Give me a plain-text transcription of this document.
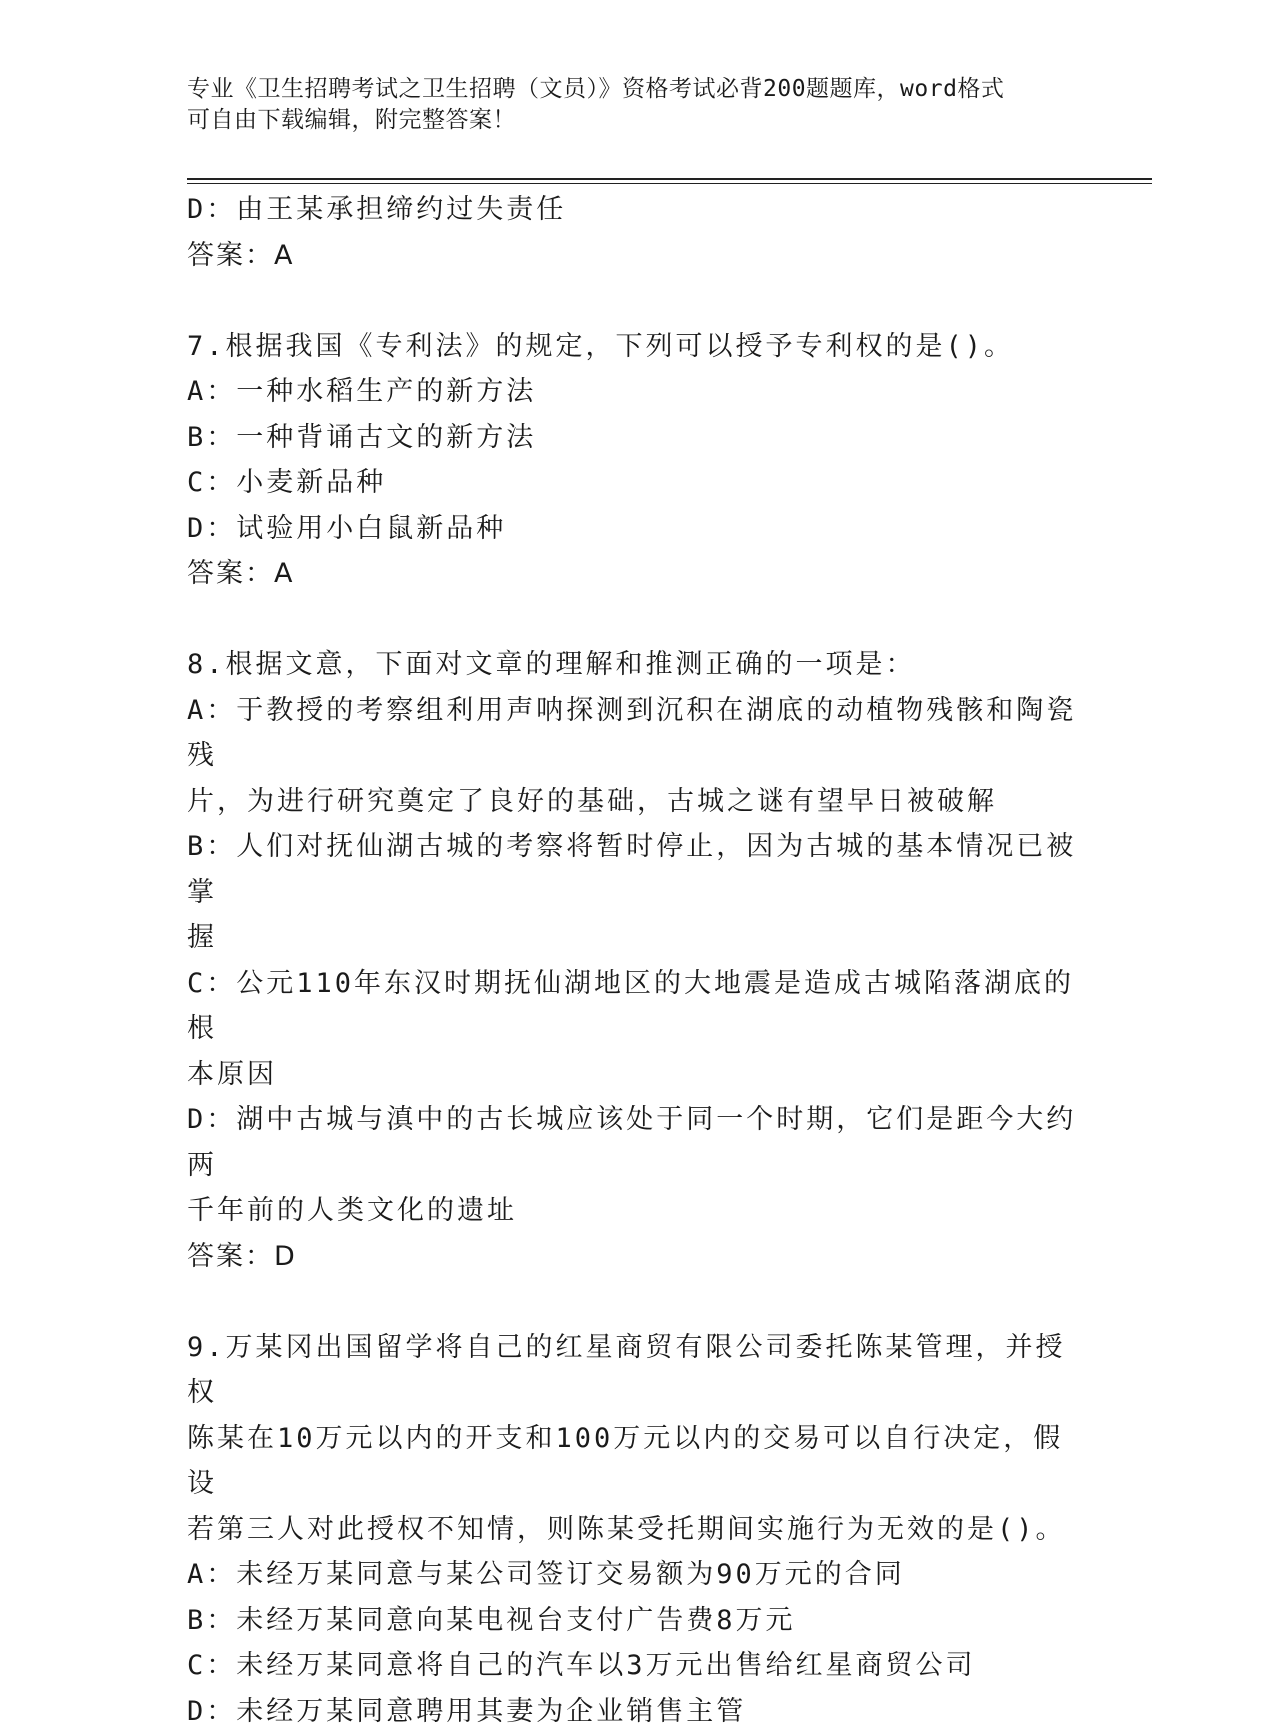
专业《卫生招聘考试之卫生招聘（文员）》资格考试必背200题题库，word格式
可自由下载编辑，附完整答案！

D：由王某承担缔约过失责任

答案：A

7.根据我国《专利法》的规定，下列可以授予专利权的是()。

A：一种水稻生产的新方法

B：一种背诵古文的新方法

C：小麦新品种

D：试验用小白鼠新品种

答案：A

8.根据文意，下面对文章的理解和推测正确的一项是：

A：于教授的考察组利用声呐探测到沉积在湖底的动植物残骸和陶瓷残

片，为进行研究奠定了良好的基础，古城之谜有望早日被破解

B：人们对抚仙湖古城的考察将暂时停止，因为古城的基本情况已被掌

握

C：公元110年东汉时期抚仙湖地区的大地震是造成古城陷落湖底的根

本原因

D：湖中古城与滇中的古长城应该处于同一个时期，它们是距今大约两

千年前的人类文化的遗址

答案：D

9.万某冈出国留学将自己的红星商贸有限公司委托陈某管理，并授权

陈某在10万元以内的开支和100万元以内的交易可以自行决定，假设

若第三人对此授权不知情，则陈某受托期间实施行为无效的是()。

A：未经万某同意与某公司签订交易额为90万元的合同

B：未经万某同意向某电视台支付广告费8万元

C：未经万某同意将自己的汽车以3万元出售给红星商贸公司

D：未经万某同意聘用其妻为企业销售主管
